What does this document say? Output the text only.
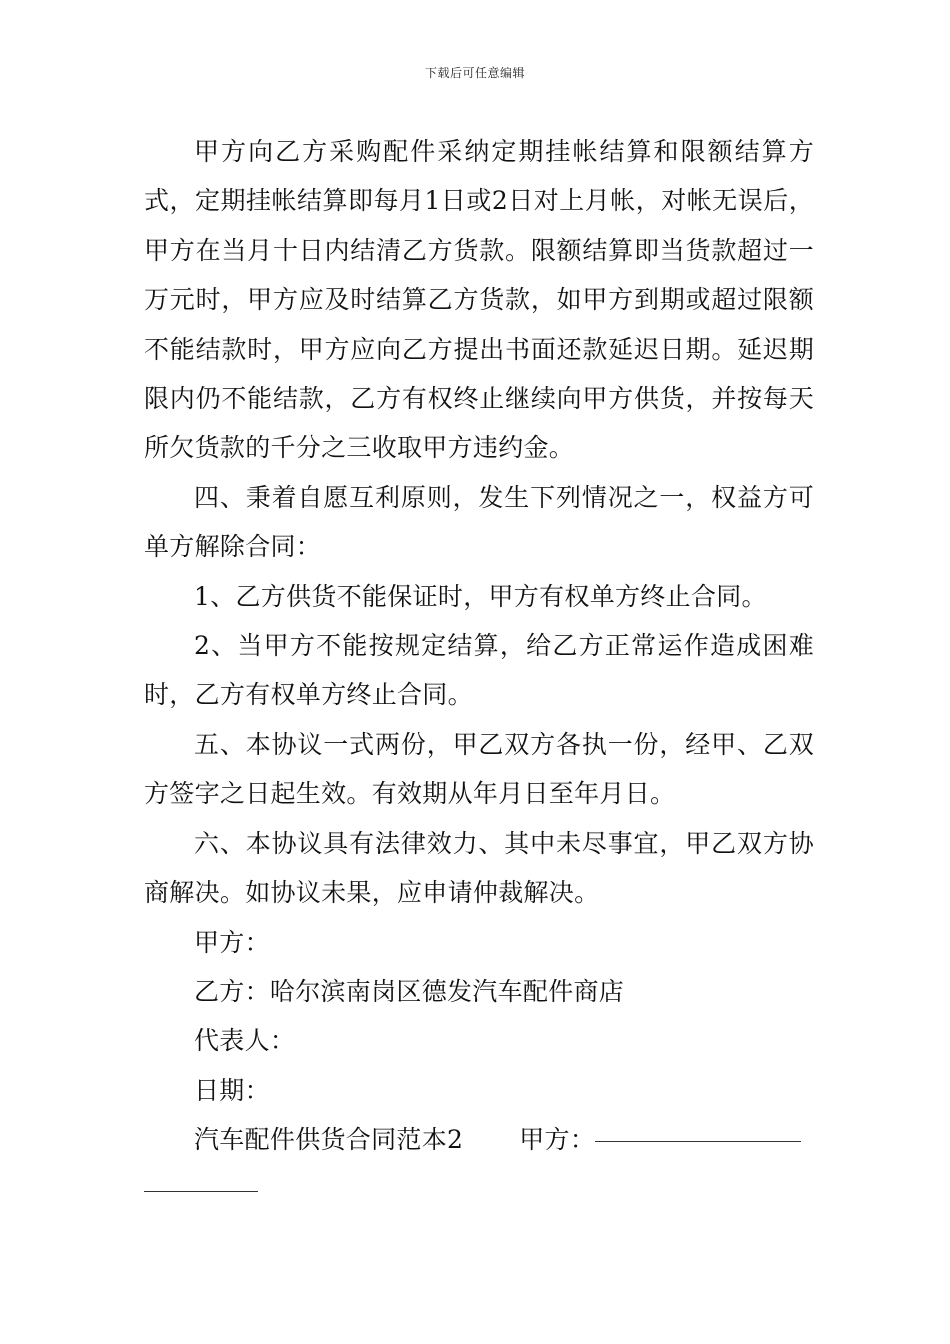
下载后可任意编辑

甲方向乙方采购配件采纳定期挂帐结算和限额结算方式，定期挂帐结算即每月1日或2日对上月帐，对帐无误后，甲方在当月十日内结清乙方货款。限额结算即当货款超过一万元时，甲方应及时结算乙方货款，如甲方到期或超过限额不能结款时，甲方应向乙方提出书面还款延迟日期。延迟期限内仍不能结款，乙方有权终止继续向甲方供货，并按每天所欠货款的千分之三收取甲方违约金。

四、秉着自愿互利原则，发生下列情况之一，权益方可单方解除合同：

1、乙方供货不能保证时，甲方有权单方终止合同。

2、当甲方不能按规定结算，给乙方正常运作造成困难时，乙方有权单方终止合同。

五、本协议一式两份，甲乙双方各执一份，经甲、乙双方签字之日起生效。有效期从年月日至年月日。

六、本协议具有法律效力、其中未尽事宜，甲乙双方协商解决。如协议未果，应申请仲裁解决。

甲方：

乙方：哈尔滨南岗区德发汽车配件商店

代表人：

日期：

汽车配件供货合同范本2 甲方：
